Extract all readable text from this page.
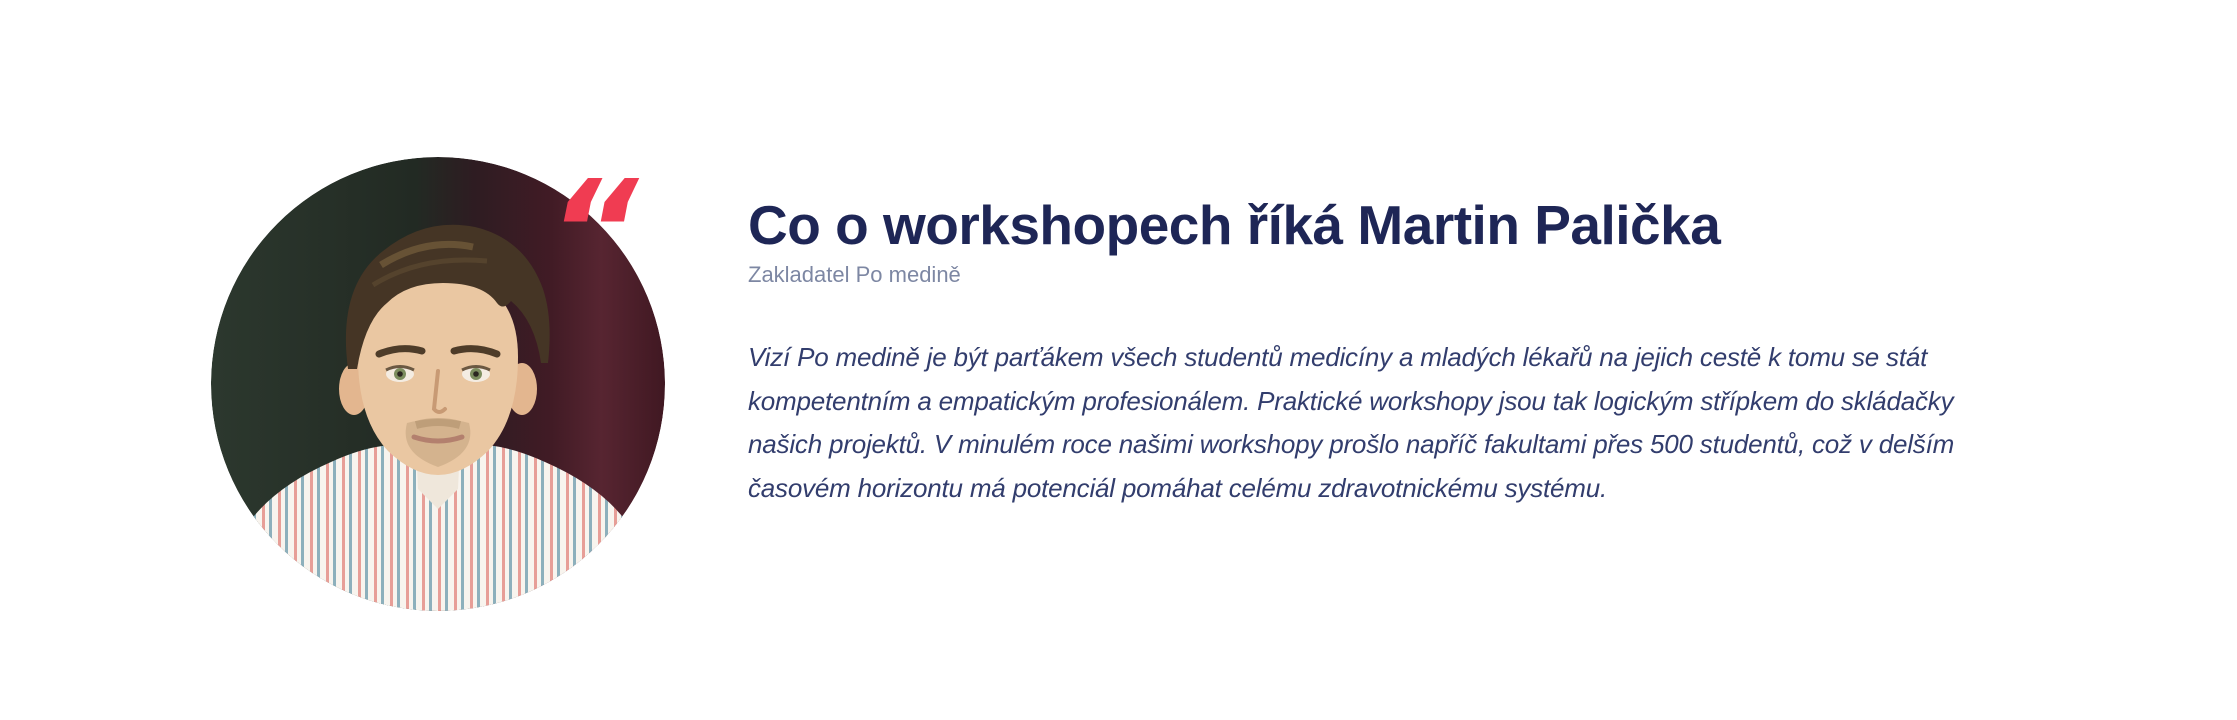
“ Co o workshopech říká Martin Palička
Zakladatel Po medině

Vizí Po medině je být parťákem všech studentů medicíny a mladých lékařů na jejich cestě k tomu se stát kompetentním a empatickým profesionálem. Praktické workshopy jsou tak logickým střípkem do skládačky našich projektů. V minulém roce našimi workshopy prošlo napříč fakultami přes 500 studentů, což v delším časovém horizontu má potenciál pomáhat celému zdravotnickému systému.
